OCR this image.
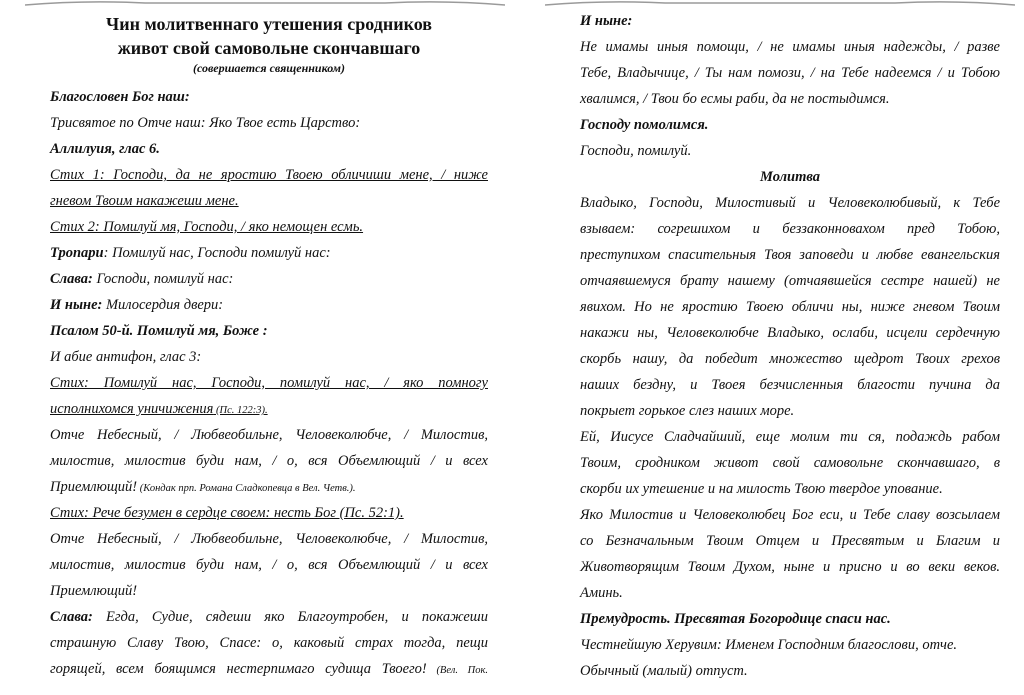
Чин молитвеннаго утешения сродников
живот свой самовольне скончавшаго
(совершается священником)
Благословен Бог наш:
Трисвятое по Отче наш: Яко Твое есть Царство:
Аллилуия, глас 6.
Стих 1: Господи, да не яростию Твоею обличиши мене, / ниже
гневом Твоим накажеши мене.
Стих 2: Помилуй мя, Господи, / яко немощен есмь.
Тропари: Помилуй нас, Господи помилуй нас:
Слава: Господи, помилуй нас:
И ныне: Милосердия двери:
Псалом 50-й. Помилуй мя, Боже :
И абие антифон, глас 3:
Стих: Помилуй нас, Господи, помилуй нас, / яко помногу
исполнихомся уничижения (Пс. 122:3).
Отче Небесный, / Любвеобильне, Человеколюбче, / Милостив,
милостив, милостив буди нам, / о, вся Объемлющий / и всех
Приемлющий! (Кондак прп. Романа Сладкопевца в Вел. Четв.).
Стих: Рече безумен в сердце своем: несть Бог (Пс. 52:1).
Отче Небесный, / Любвеобильне, Человеколюбче, / Милостив,
милостив, милостив буди нам, / о, вся Объемлющий / и всех
Приемлющий!
Слава: Егда, Судие, сядеши яко Благоутробен, и покажеши
страшную Славу Твою, Спасе: о, каковый страх тогда, пещи
горящей, всем боящимся нестерпимаго судища Твоего! (Вел. Пок.
И ныне:
Не имамы иныя помощи, / не имамы иныя надежды, / разве
Тебе, Владычице, / Ты нам помози, / на Тебе надеемся / и Тобою
хвалимся, / Твои бо есмы раби, да не постыдимся.
Господу помолимся.
Господи, помилуй.
Молитва
Владыко, Господи, Милостивый и Человеколюбивый, к Тебе
взываем: согрешихом и беззаконновахом пред Тобою,
преступихом спасительныя Твоя заповеди и любве евангельския
отчаявшемуся брату нашему (отчаявшейся сестре нашей) не
явихом. Но не яростию Твоею обличи ны, ниже гневом Твоим
накажи ны, Человеколюбче Владыко, ослаби, исцели сердечную
скорбь нашу, да победит множество щедрот Твоих грехов
наших бездну, и Твоея безчисленныя благости пучина да
покрыет горькое слез наших море.
Ей, Иисусе Сладчайший, еще молим ти ся, подаждь рабом
Твоим, сродником живот свой самовольне скончавшаго, в
скорби их утешение и на милость Твою твердое упование.
Яко Милостив и Человеколюбец Бог еси, и Тебе славу возсылаем
со Безначальным Твоим Отцем и Пресвятым и Благим и
Животворящим Твоим Духом, ныне и присно и во веки веков.
Аминь.
Премудрость. Пресвятая Богородице спаси нас.
Честнейшую Херувим: Именем Господним благослови, отче.
Обычный (малый) отпуст.
